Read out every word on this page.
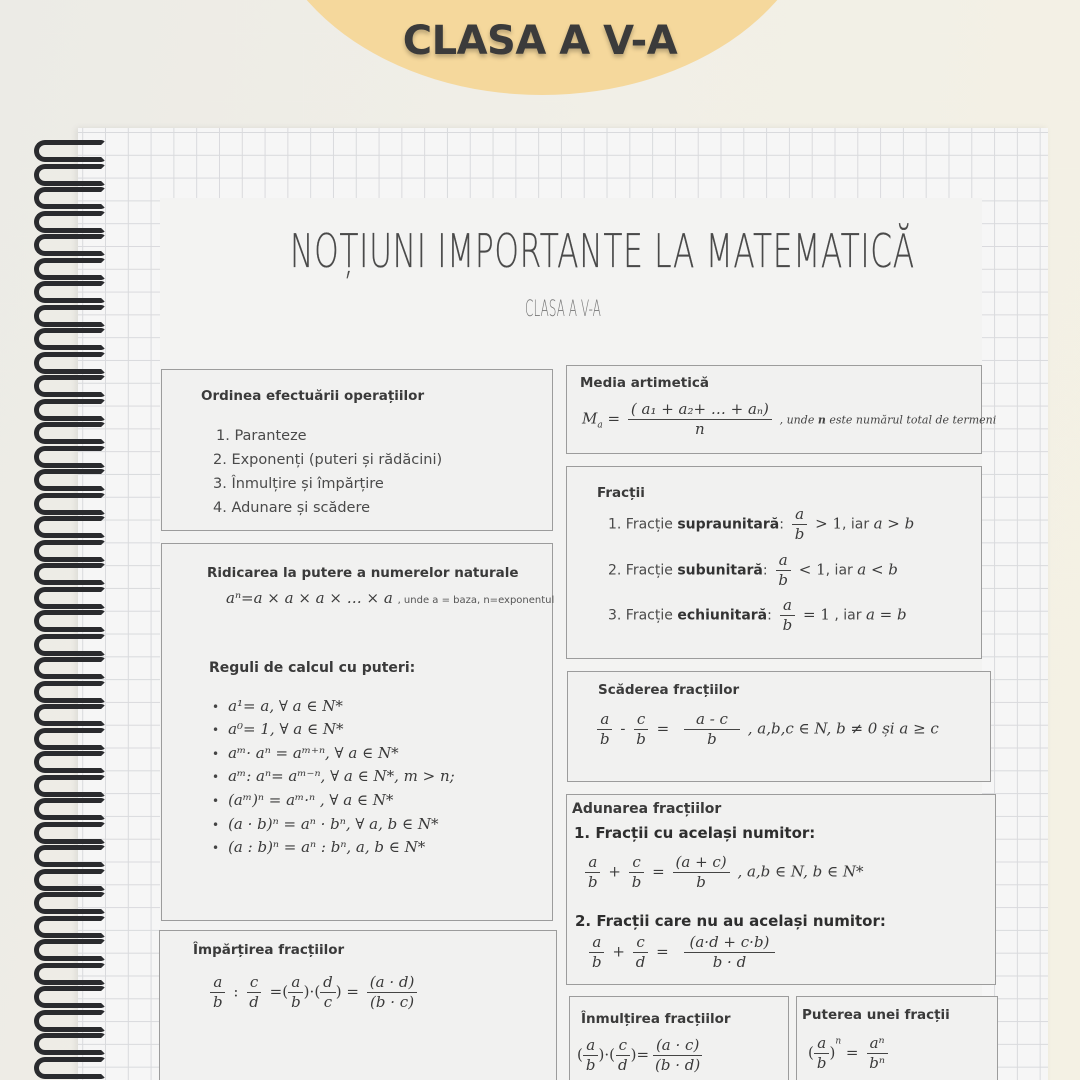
CLASA A V-A
NOȚIUNI IMPORTANTE LA MATEMATICĂ
CLASA A V-A
Ordinea efectuării operațiilor
1. Paranteze
2. Exponenți (puteri și rădăcini)
3. Înmulțire și împărțire
4. Adunare și scădere
Media artimetică
$M_a = \frac{\text{( a₁ + a₂+ … + aₙ)}}{n}$ , unde n este numărul total de termeni
Ridicarea la putere a numerelor naturale
aⁿ=a × a × a × … × a , unde a = baza, n=exponentul
Reguli de calcul cu puteri:
• a¹= a, ∀ a ∈ N*
• a⁰= 1, ∀ a ∈ N*
• aᵐ· aⁿ = aᵐ⁺ⁿ, ∀ a ∈ N*
• aᵐ: aⁿ= aᵐ⁻ⁿ, ∀ a ∈ N*, m > n;
• (aᵐ)ⁿ = aᵐ·ⁿ , ∀ a ∈ N*
• (a · b)ⁿ = aⁿ · bⁿ, ∀ a, b ∈ N*
• (a : b)ⁿ = aⁿ : bⁿ, a, b ∈ N*
Fracții
1. Fracție supraunitară: $\frac{a}{b} > 1$, iar a > b
2. Fracție subunitară: $\frac{a}{b} < 1$, iar a < b
3. Fracție echiunitară: $\frac{a}{b} = 1$ , iar a = b
Scăderea fracțiilor
$\frac{a}{b} - \frac{c}{b} = \frac{a - c}{b}$ , a,b,c ∈ N, b ≠ 0 și a ≥ c
Adunarea fracțiilor
1. Fracții cu același numitor:
$\frac{a}{b} + \frac{c}{b} = \frac{(a + c)}{b}$ , a,b ∈ N, b ∈ N*
2. Fracții care nu au același numitor:
$\frac{a}{b} + \frac{c}{d} = \frac{(a\cdot d + c\cdot b)}{b \cdot d}$
Împărțirea fracțiilor
$\frac{a}{b}$ : $\frac{c}{d}$ =( $\frac{a}{b}$ )·( $\frac{d}{c}$ ) = $\frac{(a \cdot d)}{(b \cdot c)}$
Înmulțirea fracțiilor
( $\frac{a}{b}$ )·( $\frac{c}{d}$ )= $\frac{(a \cdot c)}{(b \cdot d)}$
Puterea unei fracții
( $\frac{a}{b} )^n = \frac{\text{aⁿ}}{\text{bⁿ}}$
